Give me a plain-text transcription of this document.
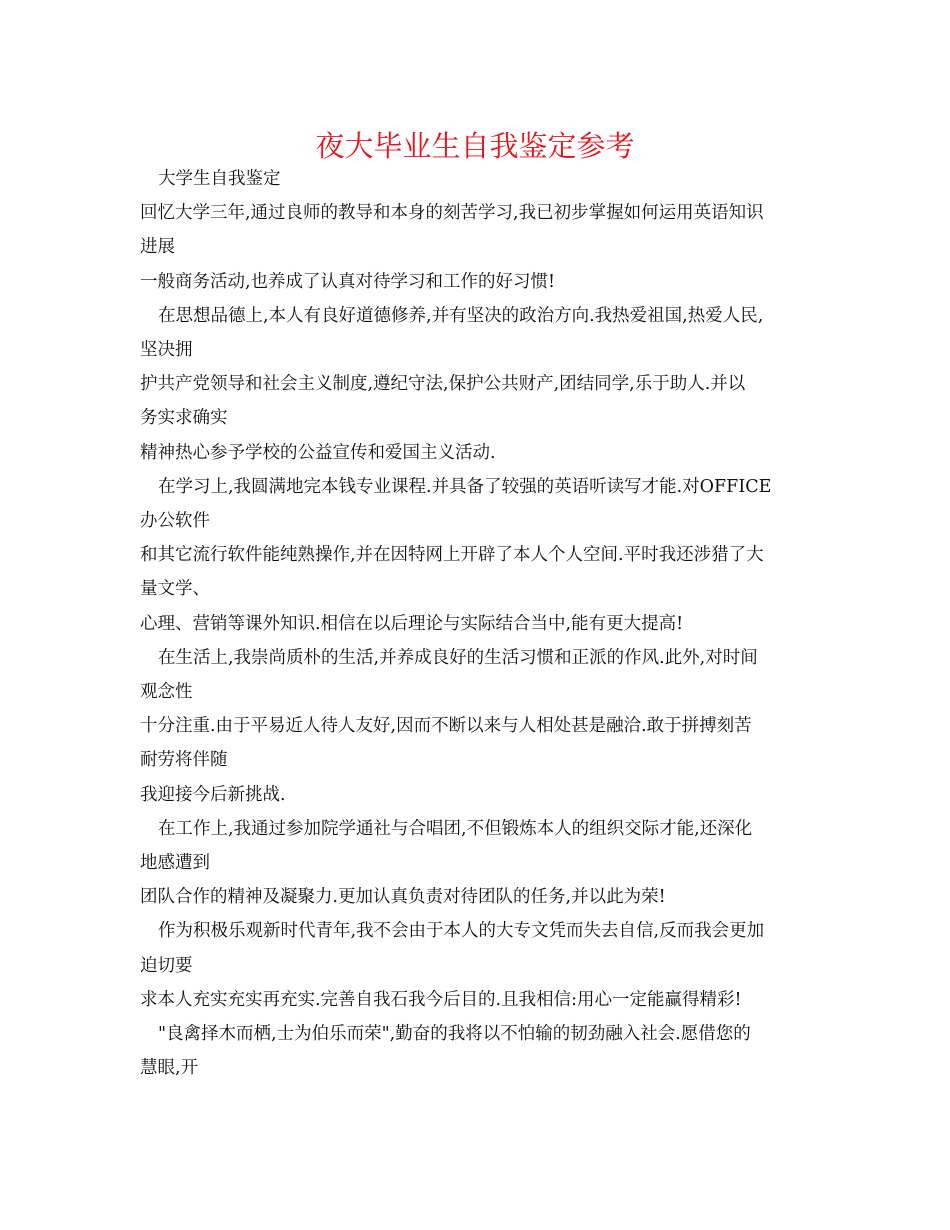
夜大毕业生自我鉴定参考
大学生自我鉴定
回忆大学三年,通过良师的教导和本身的刻苦学习,我已初步掌握如何运用英语知识
进展
一般商务活动,也养成了认真对待学习和工作的好习惯!
在思想品德上,本人有良好道德修养,并有坚决的政治方向.我热爱祖国,热爱人民,
坚决拥
护共产党领导和社会主义制度,遵纪守法,保护公共财产,团结同学,乐于助人.并以
务实求确实
精神热心参予学校的公益宣传和爱国主义活动.
在学习上,我圆满地完本钱专业课程.并具备了较强的英语听读写才能.对OFFICE
办公软件
和其它流行软件能纯熟操作,并在因特网上开辟了本人个人空间.平时我还涉猎了大
量文学、
心理、营销等课外知识.相信在以后理论与实际结合当中,能有更大提高!
在生活上,我崇尚质朴的生活,并养成良好的生活习惯和正派的作风.此外,对时间
观念性
十分注重.由于平易近人待人友好,因而不断以来与人相处甚是融洽.敢于拼搏刻苦
耐劳将伴随
我迎接今后新挑战.
在工作上,我通过参加院学通社与合唱团,不但锻炼本人的组织交际才能,还深化
地感遭到
团队合作的精神及凝聚力.更加认真负责对待团队的任务,并以此为荣!
作为积极乐观新时代青年,我不会由于本人的大专文凭而失去自信,反而我会更加
迫切要
求本人充实充实再充实.完善自我石我今后目的.且我相信:用心一定能赢得精彩!
"良禽择木而栖,士为伯乐而荣",勤奋的我将以不怕输的韧劲融入社会.愿借您的
慧眼,开
